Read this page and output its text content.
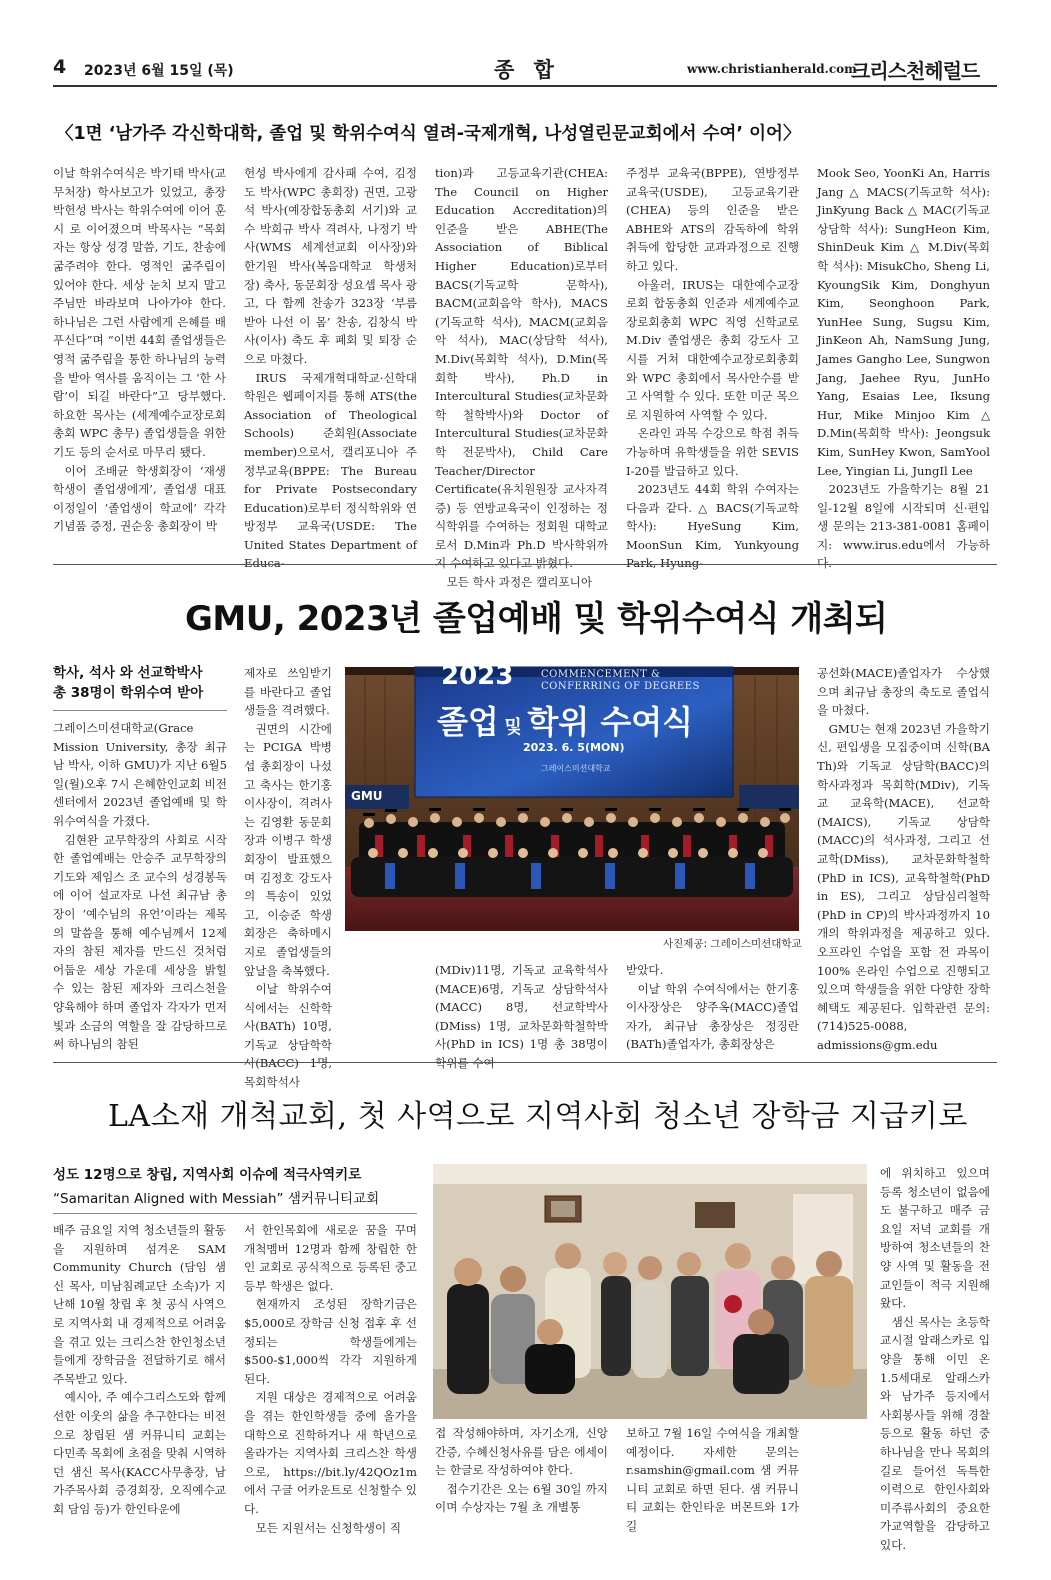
4 2023년 6월 15일 (목)	종 합	www.christianherald.com
크리스천헤럴드
〈1면 ‘남가주 각신학대학, 졸업 및 학위수여식 열려-국제개혁, 나성열린문교회에서 수여’ 이어〉

이날 학위수여식은 박기태 박사(교무처장) 학사보고가 있었고, 총장 박헌성 박사는 학위수여에 이어 훈시 로 이어졌으며 박목사는 “목회자는 항상 성경 말씀, 기도, 찬송에 굶주려야 한다. 영적인 굶주림이 있어야 한다. 세상 눈치 보지 말고 주님만 바라보며 나아가야 한다. 하나님은 그런 사람에게 은혜를 배푸신다”며 “이번 44회 졸업생들은 영적 굶주림을 통한 하나님의 능력을 받아 역사를 움직이는 그 ‘한 사람’이 되길 바란다”고 당부했다. 하요한 목사는 (세계예수교장로회총회 WPC 총무) 졸업생들을 위한 기도 등의 순서로 마무리 됐다.

이어 조배균 학생회장이 ‘재생 학생이 졸업생에게’, 졸업생 대표 이정일이 ‘졸업생이 학교에’ 각각 기념품 증정, 권순웅 총회장이 박

헌성 박사에게 감사패 수여, 김정도 박사(WPC 총회장) 권면, 고광석 박사(예장합동총회 서기)와 교수 박희규 박사 격려사, 나정기 박사(WMS 세계선교회 이사장)와 한기원 박사(복음대학교 학생처장) 축사, 동문회장 성요셉 목사 광고, 다 함께 찬송가 323장 ‘부름 받아 나선 이 몸’ 찬송, 김창식 박사(이사) 축도 후 폐회 및 퇴장 순으로 마쳤다.

IRUS 국제개혁대학교·신학대학원은 웹페이지를 통해 ATS(the Association of Theological Schools) 준회원(Associate member)으로서, 캘리포니아 주정부교육(BPPE: The Bureau for Private Postsecondary Education)로부터 정식학위와 연방정부 교육국(USDE: The United States Department of Educa-

tion)과 고등교육기관(CHEA: The Council on Higher Education Accreditation)의 인준을 받은 ABHE(The Association of Biblical Higher Education)로부터 BACS(기독교학 문학사), BACM(교회음악 학사), MACS (기독교학 석사), MACM(교회음악 석사), MAC(상담학 석사), M.Div(목회학 석사), D.Min(목회학 박사), Ph.D in Intercultural Studies(교차문화학 철학박사)와 Doctor of Intercultural Studies(교차문화학 전문박사), Child Care Teacher/Director Certificate(유치원원장 교사자격증) 등 연방교육국이 인정하는 정식학위를 수여하는 정회원 대학교로서 D.Min과 Ph.D 박사학위까지 수여하고 있다고 밝혔다.

모든 학사 과정은 캘리포니아

주정부 교육국(BPPE), 연방정부 교육국(USDE), 고등교육기관(CHEA) 등의 인준을 받은 ABHE와 ATS의 감독하에 학위 취득에 합당한 교과과정으로 진행하고 있다.

아울러, IRUS는 대한예수교장로회 합동총회 인준과 세계예수교장로회총회 WPC 직영 신학교로 M.Div 졸업생은 총회 강도사 고시를 거쳐 대한예수교장로회총회와 WPC 총회에서 목사안수를 받고 사역할 수 있다. 또한 미군 목으로 지원하여 사역할 수 있다.

온라인 과목 수강으로 학점 취득 가능하며 유학생들을 위한 SEVIS I-20를 발급하고 있다.

2023년도 44회 학위 수여자는 다음과 같다. △ BACS(기독교학 학사): HyeSung Kim, MoonSun Kim, Yunkyoung Park, Hyung-

Mook Seo, YoonKi An, Harris Jang △ MACS(기독교학 석사): JinKyung Back △ MAC(기독교상담학 석사): SungHeon Kim, ShinDeuk Kim △ M.Div(목회학 석사): MisukCho, Sheng Li, KyoungSik Kim, Donghyun Kim, Seonghoon Park, YunHee Sung, Sugsu Kim, JinKeon Ah, NamSung Jung, James Gangho Lee, Sungwon Jang, Jaehee Ryu, JunHo Yang, Esaias Lee, Iksung Hur, Mike Minjoo Kim △ D.Min(목회학 박사): Jeongsuk Kim, SunHey Kwon, SamYool Lee, Yingian Li, JungIl Lee

2023년도 가을학기는 8월 21일-12월 8일에 시작되며 신·편입생 문의는 213-381-0081 홈페이지: www.irus.edu에서 가능하다.

GMU, 2023년 졸업예배 및 학위수여식 개최되
학사, 석사 와 선교학박사
총 38명이 학위수여 받아

그레이스미션대학교(Grace Mission University, 총장 최규남 박사, 이하 GMU)가 지난 6월5일(월)오후 7시 은혜한인교회 비전센터에서 2023년 졸업예배 및 학위수여식을 가졌다.

김현완 교무학장의 사회로 시작한 졸업예배는 안승주 교무학장의 기도와 제임스 조 교수의 성경봉독에 이어 설교자로 나선 최규남 총장이 ‘예수님의 유언’이라는 제목의 말씀을 통해 예수님께서 12제자의 참된 제자를 만드신 것처럼 어둡운 세상 가운데 세상을 밝힐 수 있는 참된 제자와 크리스천을 양육해야 하며 졸업자 각자가 먼저 빛과 소금의 역할을 잘 감당하므로써 하나님의 참된

제자로 쓰임받기를 바란다고 졸업생들을 격려했다.

권면의 시간에는 PCIGA 박병섭 총회장이 나섰고 축사는 한기홍 이사장이, 격려사는 김영환 동문회장과 이병구 학생회장이 발표했으며 김정호 강도사의 특송이 있었고, 이승준 학생회장은 축하메시지로 졸업생들의 앞날을 축복했다.

이날 학위수여식에서는 신학학사(BATh) 10명, 기독교 상담학학사(BACC) 1명, 목회학석사

2023	COMMENCEMENT & CONFERRING OF DEGREES
졸업 및 학위 수여식
2023. 6. 5(MON)
그레이스미션대학교
GMU
사진제공: 그레이스미션대학교

(MDiv)11명, 기독교 교육학석사(MACE)6명, 기독교 상담학석사(MACC) 8명, 선교학박사(DMiss) 1명, 교차문화학철학박사(PhD in ICS) 1명 총 38명이 학위를 수여

받았다.

이날 학위 수여식에서는 한기홍 이사장상은 양주옥(MACC)졸업자가, 최규남 총장상은 정징란 (BATh)졸업자가, 총회장상은

공선화(MACE)졸업자가 수상했으며 최규남 총장의 축도로 졸업식을 마쳤다.

GMU는 현재 2023년 가을학기 신, 편입생을 모집중이며 신학(BA Th)와 기독교 상담학(BACC)의 학사과정과 목회학(MDiv), 기독교 교육학(MACE), 선교학(MAICS), 기독교 상담학(MACC)의 석사과정, 그리고 선교학(DMiss), 교차문화학철학(PhD in ICS), 교육학철학(PhD in ES), 그리고 상담심리철학(PhD in CP)의 박사과정까지 10개의 학위과정을 제공하고 있다. 오프라인 수업을 포함 전 과목이 100% 온라인 수업으로 진행되고 있으며 학생들을 위한 다양한 장학혜택도 제공된다. 입학관련 문의: (714)525-0088, admissions@gm.edu

LA소재 개척교회, 첫 사역으로 지역사회 청소년 장학금 지급키로
성도 12명으로 창립, 지역사회 이슈에 적극사역키로
“Samaritan Aligned with Messiah” 샘커뮤니티교회

배주 금요일 지역 청소년들의 활동을 지원하며 섬겨온 SAM Community Church (담임 샘 신 목사, 미남침례교단 소속)가 지난해 10월 창립 후 첫 공식 사역으로 지역사회 내 경제적으로 어려움을 겪고 있는 크리스찬 한인청소년들에게 장학금을 전달하기로 해서 주목받고 있다.

예시아, 주 예수그리스도와 함께 선한 이웃의 삶을 추구한다는 비전으로 창립된 샘 커뮤니티 교회는 다민족 목회에 초점을 맞춰 시역하던 샘신 목사(KACC사무총장, 남가주목사회 증경회장, 오직예수교회 담임 등)가 한인타운에

서 한인목회에 새로운 꿈을 꾸며 개척멤버 12명과 함께 창립한 한인 교회로 공식적으로 등록된 중고등부 학생은 없다.

현재까지 조성된 장학기금은 $5,000로 장학금 신청 접후 후 선정되는 학생들에게는 $500-$1,000씩 각각 지원하게 된다.

지원 대상은 경제적으로 어려움을 겪는 한인학생들 중에 올가을 대학으로 진학하거나 새 학년으로 올라가는 지역사회 크리스찬 학생으로, https://bit.ly/42QOz1m 에서 구글 어카운트로 신청할수 있다.

모든 지원서는 신청학생이 직

접 작성해야하며, 자기소개, 신앙간증, 수혜신청사유를 담은 에세이는 한글로 작성하여야 한다.

접수기간은 오는 6월 30일 까지이며 수상자는 7월 초 개별통

보하고 7월 16일 수여식을 개최할 예정이다. 자세한 문의는 r.samshin@gmail.com 샘 커뮤니티 교회로 하면 된다. 샘 커뮤니티 교회는 한인타운 버몬트와 1가길

에 위치하고 있으며 등록 청소년이 없음에도 불구하고 매주 금요일 저녁 교회를 개방하여 청소년들의 찬양 사역 및 활동을 전 교인들이 적극 지원해 왔다.

샘신 목사는 초등학교시절 알래스카로 입양을 통해 이민 온 1.5세대로 알래스카와 남가주 등지에서 사회봉사들 위해 경찰 등으로 활동 하던 중 하나님을 만나 목회의 길로 들어선 독특한 이력으로 한인사회와 미주류사회의 중요한 가교역할을 감당하고 있다.
